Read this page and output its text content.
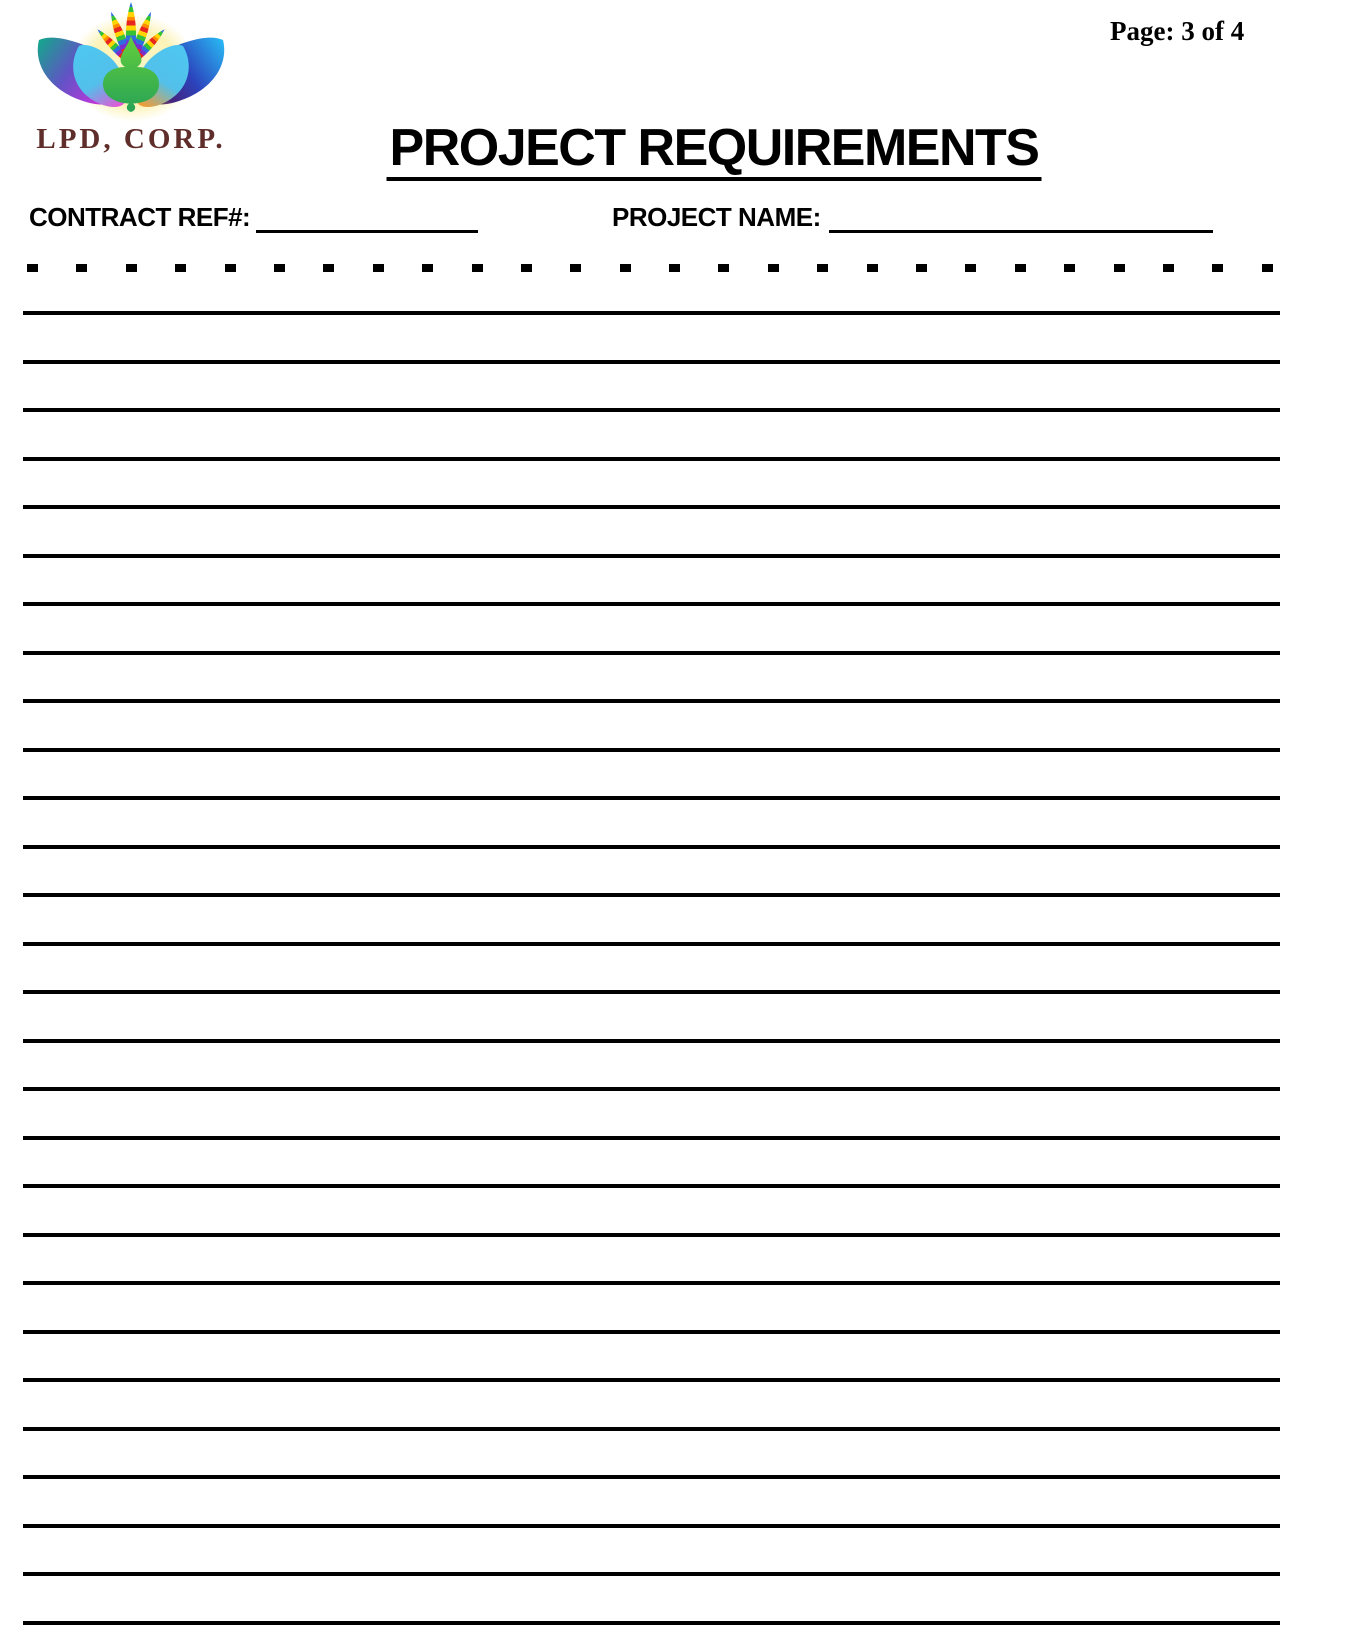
LPD, CORP.
Page: 3 of 4
PROJECT REQUIREMENTS
CONTRACT REF#:	PROJECT NAME:
